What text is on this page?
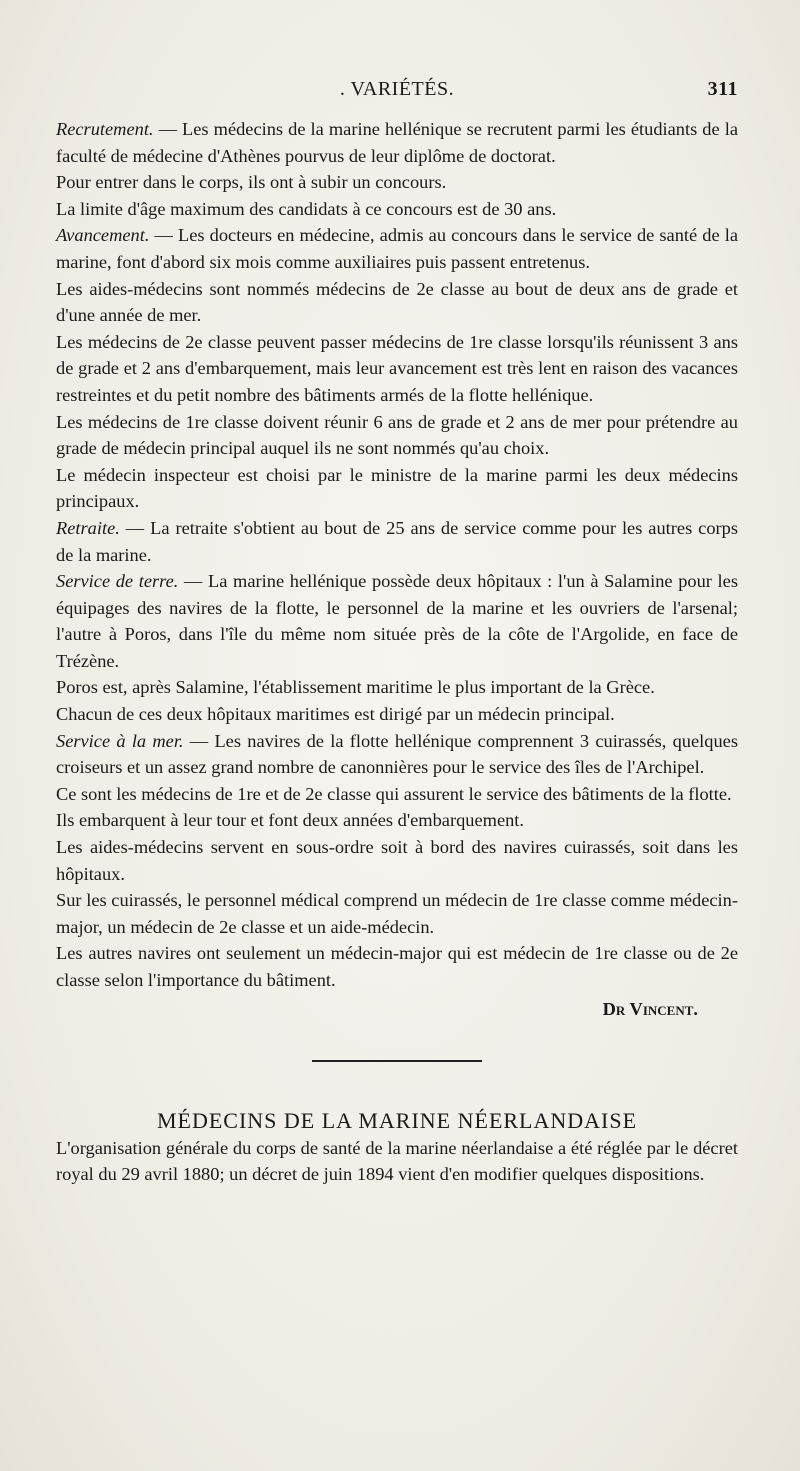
. VARIÉTÉS.	311

Recrutement. — Les médecins de la marine hellénique se recrutent parmi les étudiants de la faculté de médecine d'Athènes pourvus de leur diplôme de doctorat.

Pour entrer dans le corps, ils ont à subir un concours.

La limite d'âge maximum des candidats à ce concours est de 30 ans.

Avancement. — Les docteurs en médecine, admis au concours dans le service de santé de la marine, font d'abord six mois comme auxiliaires puis passent entretenus.

Les aides-médecins sont nommés médecins de 2e classe au bout de deux ans de grade et d'une année de mer.

Les médecins de 2e classe peuvent passer médecins de 1re classe lorsqu'ils réunissent 3 ans de grade et 2 ans d'embarquement, mais leur avancement est très lent en raison des vacances restreintes et du petit nombre des bâtiments armés de la flotte hellénique.

Les médecins de 1re classe doivent réunir 6 ans de grade et 2 ans de mer pour prétendre au grade de médecin principal auquel ils ne sont nommés qu'au choix.

Le médecin inspecteur est choisi par le ministre de la marine parmi les deux médecins principaux.

Retraite. — La retraite s'obtient au bout de 25 ans de service comme pour les autres corps de la marine.

Service de terre. — La marine hellénique possède deux hôpitaux : l'un à Salamine pour les équipages des navires de la flotte, le personnel de la marine et les ouvriers de l'arsenal; l'autre à Poros, dans l'île du même nom située près de la côte de l'Argolide, en face de Trézène.

Poros est, après Salamine, l'établissement maritime le plus important de la Grèce.

Chacun de ces deux hôpitaux maritimes est dirigé par un médecin principal.

Service à la mer. — Les navires de la flotte hellénique comprennent 3 cuirassés, quelques croiseurs et un assez grand nombre de canonnières pour le service des îles de l'Archipel.

Ce sont les médecins de 1re et de 2e classe qui assurent le service des bâtiments de la flotte.

Ils embarquent à leur tour et font deux années d'embarquement.

Les aides-médecins servent en sous-ordre soit à bord des navires cuirassés, soit dans les hôpitaux.

Sur les cuirassés, le personnel médical comprend un médecin de 1re classe comme médecin-major, un médecin de 2e classe et un aide-médecin.

Les autres navires ont seulement un médecin-major qui est médecin de 1re classe ou de 2e classe selon l'importance du bâtiment.

Dr Vincent.
MÉDECINS DE LA MARINE NÉERLANDAISE

L'organisation générale du corps de santé de la marine néerlandaise a été réglée par le décret royal du 29 avril 1880; un décret de juin 1894 vient d'en modifier quelques dispositions.
